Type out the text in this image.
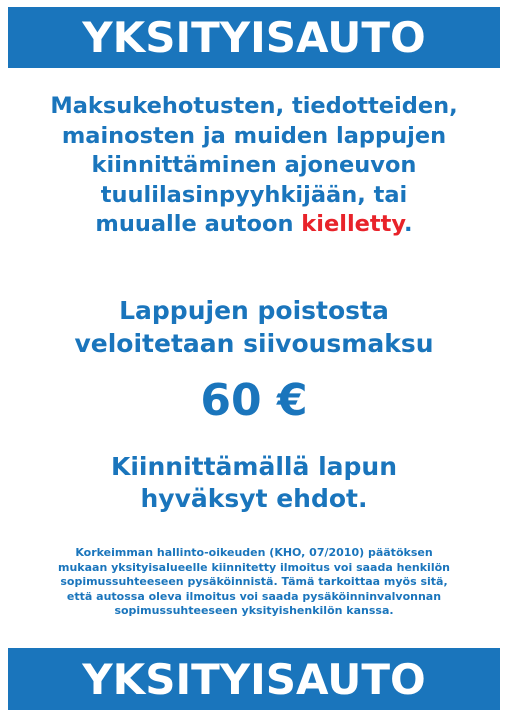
YKSITYISAUTO
Maksukehotusten, tiedotteiden,
mainosten ja muiden lappujen
kiinnittäminen ajoneuvon
tuulilasinpyyhkijään, tai
muualle autoon kielletty.
Lappujen poistosta
veloitetaan siivousmaksu
60 €
Kiinnittämällä lapun
hyväksyt ehdot.
Korkeimman hallinto-oikeuden (KHO, 07/2010) päätöksen
mukaan yksityisalueelle kiinnitetty ilmoitus voi saada henkilön
sopimussuhteeseen pysäköinnistä. Tämä tarkoittaa myös sitä,
että autossa oleva ilmoitus voi saada pysäköinninvalvonnan
sopimussuhteeseen yksityishenkilön kanssa.
YKSITYISAUTO
